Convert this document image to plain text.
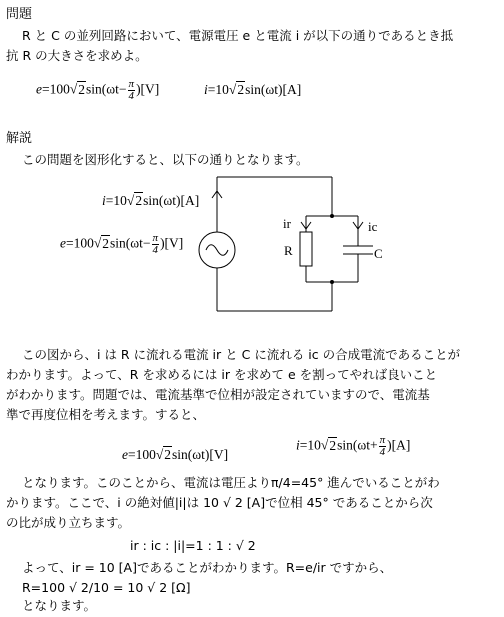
問題
R と C の並列回路において、電源電圧 e と電流 i が以下の通りであるとき抵
抗 R の大きさを求めよ。
$e=100√2\sin(\omega t- \frac{\pi}{4} )[V]$	i=10√2sin(ωt)[A]
解説
この問題を図形化すると、以下の通りとなります。
i=10√2sin(ωt)[A]
$e=100√2\sin(\omega t- \frac{\pi}{4} )[V]$
ir	ic
R	C
この図から、i は R に流れる電流 ir と C に流れる ic の合成電流であることが
わかります。よって、R を求めるには ir を求めて e を割ってやれば良いこと
がわかります。問題では、電流基準で位相が設定されていますので、電流基
準で再度位相を考えます。すると、
e=100√2sin(ωt)[V]
$i=10√2\sin(\omega t+ \frac{\pi}{4} )[A]$
となります。このことから、電流は電圧よりπ/4=45° 進んでいることがわ
かります。ここで、i の絶対値|i|は 10 √ 2 [A]で位相 45° であることから次
の比が成り立ちます。
ir : ic : |i|=1 : 1 : √ 2
よって、ir = 10 [A]であることがわかります。R=e/ir ですから、
R=100 √ 2/10 = 10 √ 2 [Ω]
となります。
